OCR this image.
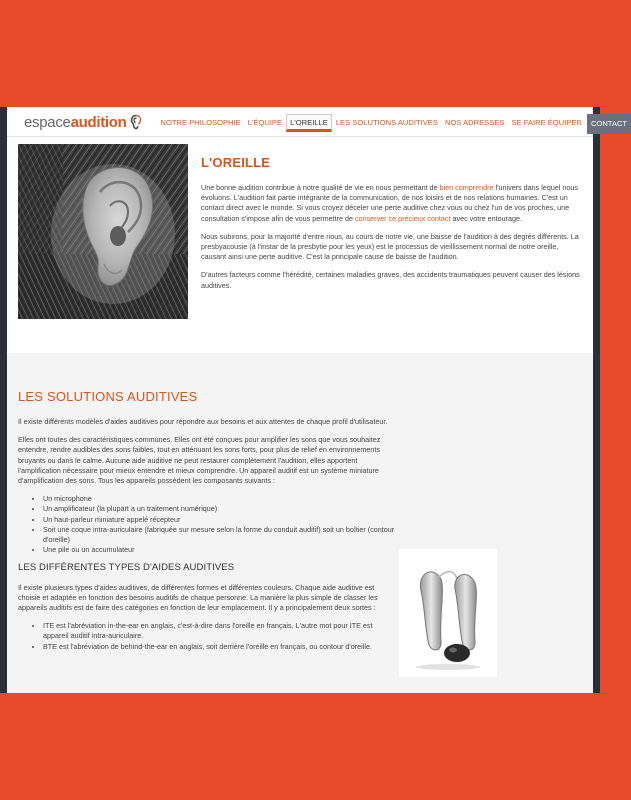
espace audition	NOTRE PHILOSOPHIE L'ÉQUIPE	L'OREILLE	LES SOLUTIONS AUDITIVES NOS ADRESSES SE FAIRE ÉQUIPER	CONTACT
L'OREILLE

Une bonne audition contribue à notre qualité de vie en nous permettant de bien comprendre l'univers dans lequel nous évoluons. L'audition fait partie intégrante de la communication, de nos loisirs et de nos relations humaines. C'est un contact direct avec le monde. Si vous croyez déceler une perte auditive chez vous ou chez l'un de vos proches, une consultation s'impose afin de vous permettre de conserver ce précieux contact avec votre entourage.

Nous subirons, pour la majorité d'entre nous, au cours de notre vie, une baisse de l'audition à des degrés différents. La presbyacousie (à l'instar de la presbytie pour les yeux) est le processus de vieillissement normal de notre oreille, causant ainsi une perte auditive. C'est la principale cause de baisse de l'audition.

D'autres facteurs comme l'hérédité, certaines maladies graves, des accidents traumatiques peuvent causer des lésions auditives.

LES SOLUTIONS AUDITIVES

Il existe différents modèles d'aides auditives pour répondre aux besoins et aux attentes de chaque profil d'utilisateur.

Elles ont toutes des caractéristiques communes. Elles ont été conçues pour amplifier les sons que vous souhaitez entendre, rendre audibles des sons faibles, tout en atténuant les sons forts, pour plus de relief en environnements bruyants ou dans le calme. Aucune aide auditive ne peut restaurer complètement l'audition, elles apportent l'amplification nécessaire pour mieux entendre et mieux comprendre. Un appareil auditif est un système miniature d'amplification des sons. Tous les appareils possèdent les composants suivants :

• Un microphone
• Un amplificateur (la plupart a un traitement numérique)
• Un haut-parleur miniature appelé récepteur
• Soit une coque intra-auriculaire (fabriquée sur mesure selon la forme du conduit auditif) soit un boîtier (contour d'oreille)
• Une pile ou un accumulateur
LES DIFFÉRENTES TYPES D'AIDES AUDITIVES

Il existe plusieurs types d'aides auditives, de différentes formes et différentes couleurs. Chaque aide auditive est choisie et adaptée en fonction des besoins auditifs de chaque personne. La manière la plus simple de classer les appareils auditifs est de faire des catégories en fonction de leur emplacement. Il y a principalement deux sortes :

• ITE est l'abréviation in-the-ear en anglais, c'est-à-dire dans l'oreille en français. L'autre mot pour ITE est appareil auditif intra-auriculaire.
• BTE est l'abréviation de behind-the-ear en anglais, soit derrière l'oreille en français, ou contour d'oreille.
